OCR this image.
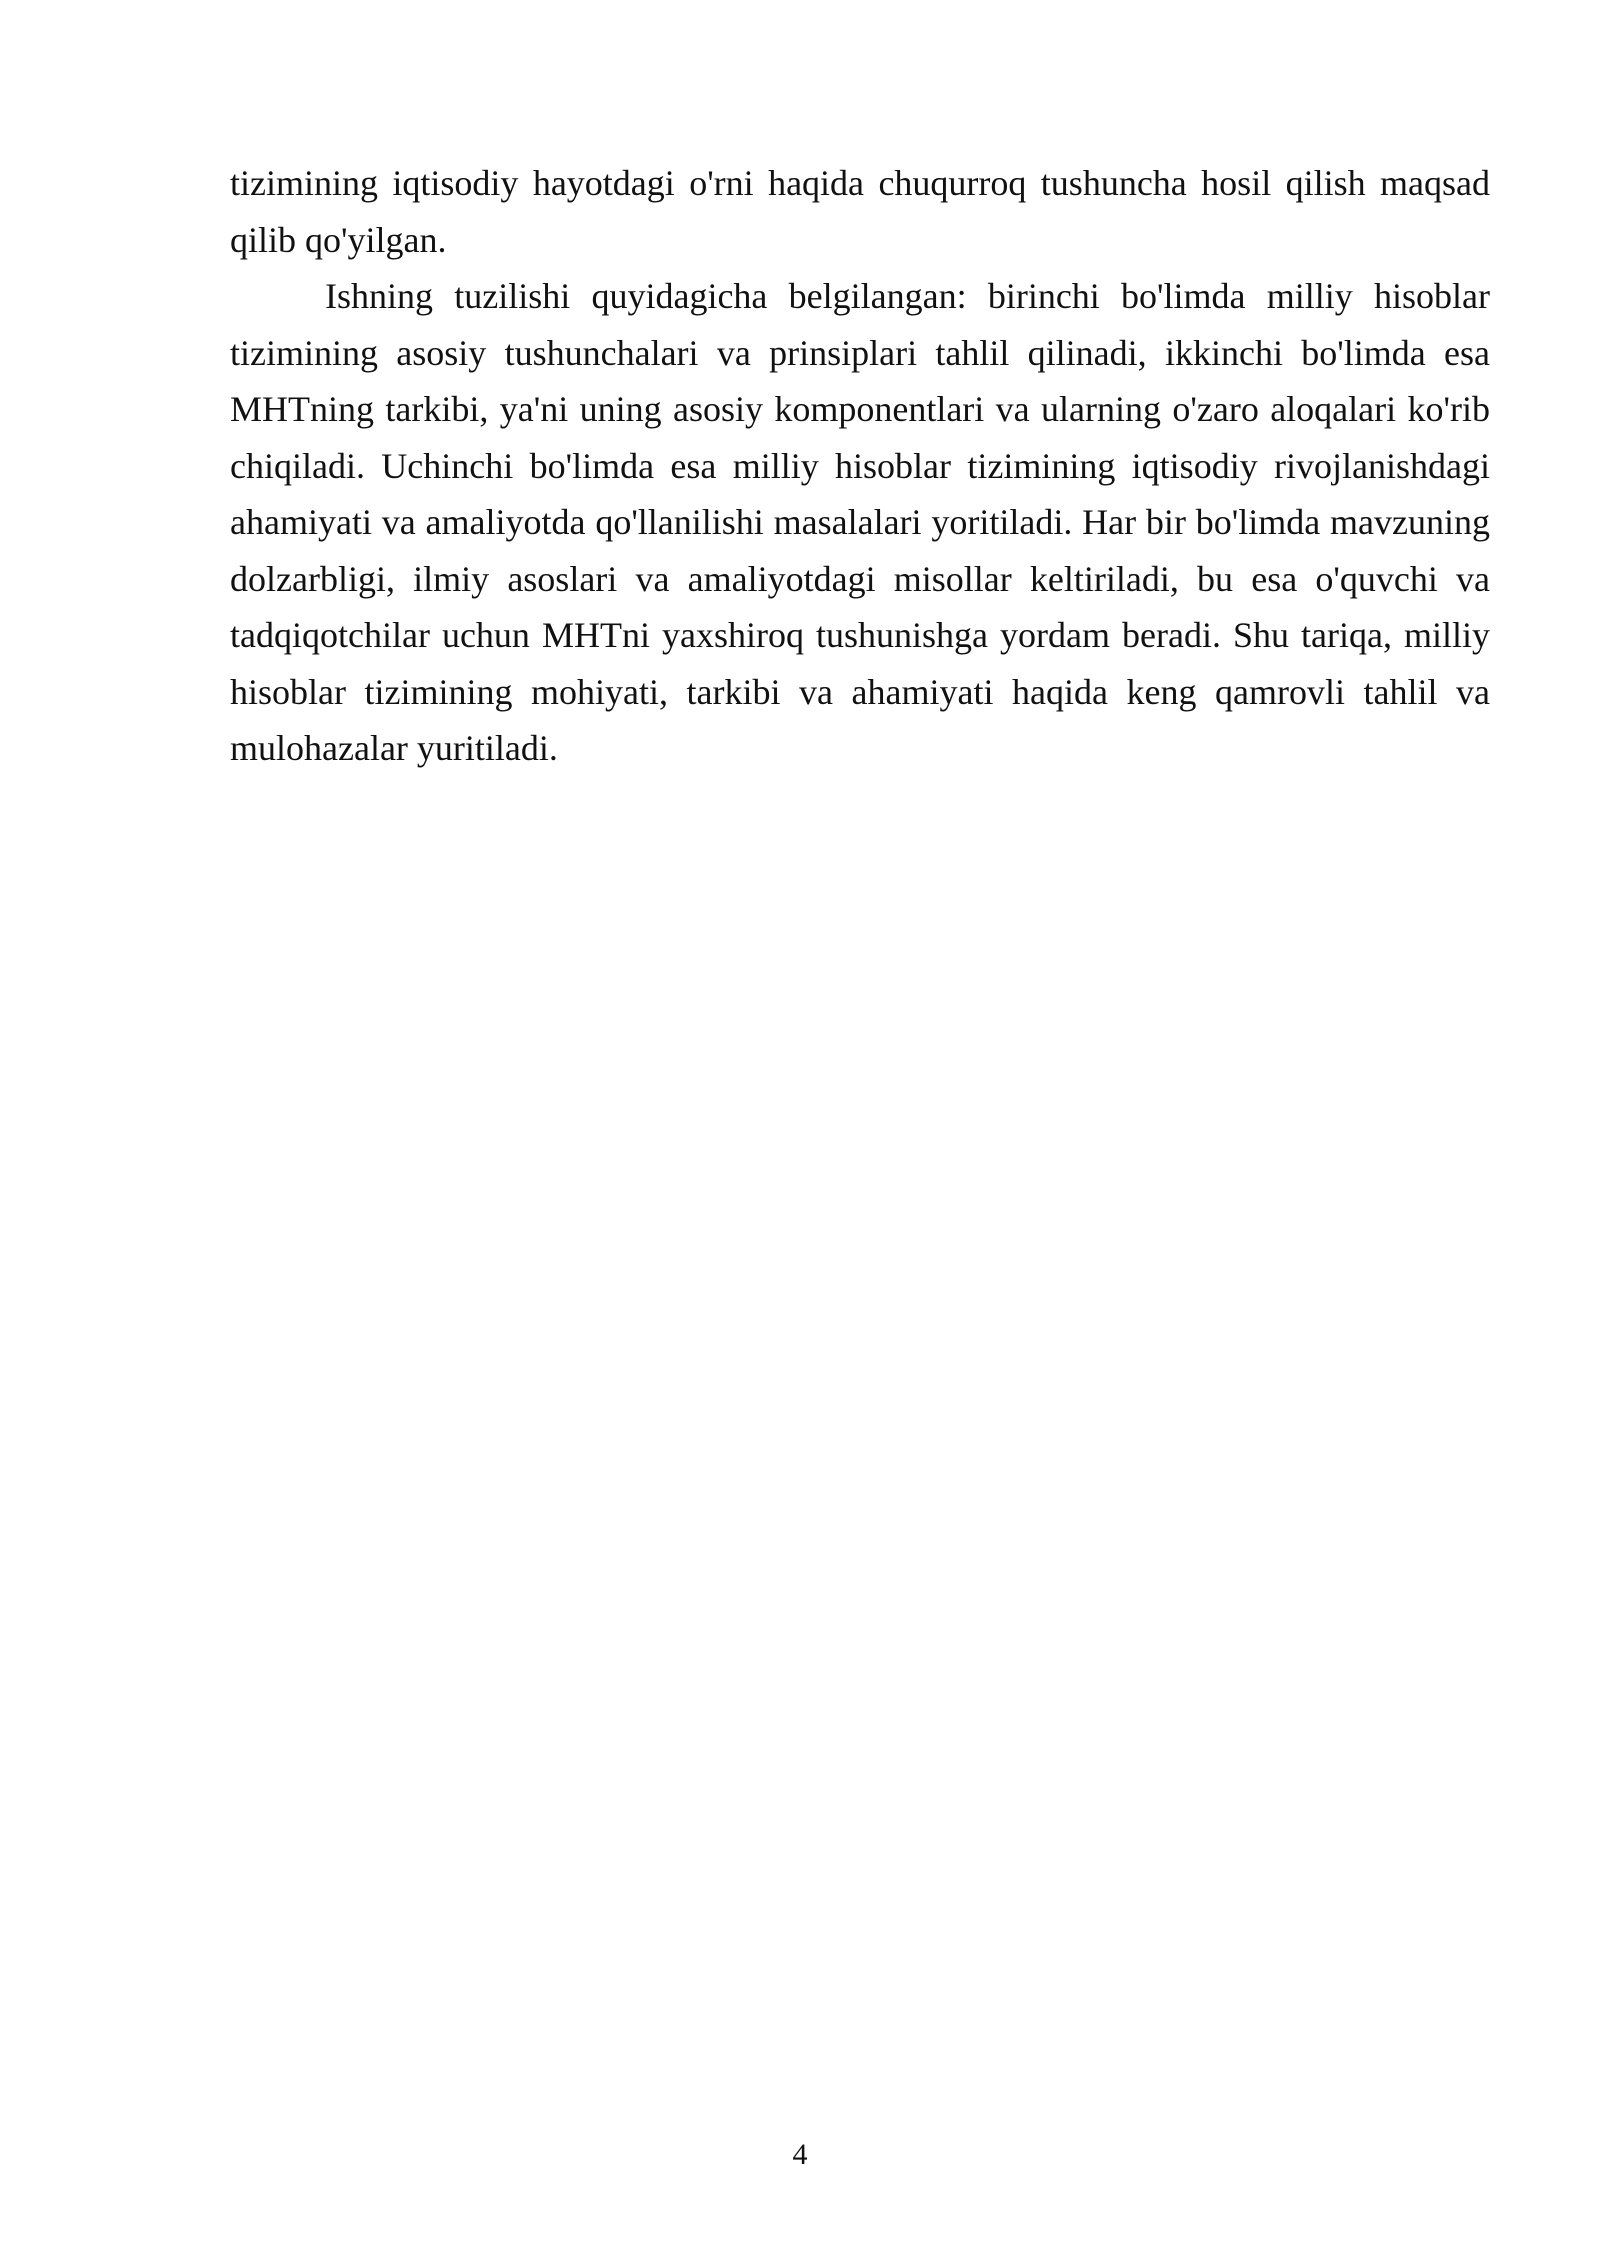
tizimining iqtisodiy hayotdagi o'rni haqida chuqurroq tushuncha hosil qilish maqsad qilib qo'yilgan.

Ishning tuzilishi quyidagicha belgilangan: birinchi bo'limda milliy hisoblar tizimining asosiy tushunchalari va prinsiplari tahlil qilinadi, ikkinchi bo'limda esa MHTning tarkibi, ya'ni uning asosiy komponentlari va ularning o'zaro aloqalari ko'rib chiqiladi. Uchinchi bo'limda esa milliy hisoblar tizimining iqtisodiy rivojlanishdagi ahamiyati va amaliyotda qo'llanilishi masalalari yoritiladi. Har bir bo'limda mavzuning dolzarbligi, ilmiy asoslari va amaliyotdagi misollar keltiriladi, bu esa o'quvchi va tadqiqotchilar uchun MHTni yaxshiroq tushunishga yordam beradi. Shu tariqa, milliy hisoblar tizimining mohiyati, tarkibi va ahamiyati haqida keng qamrovli tahlil va mulohazalar yuritiladi.

4
